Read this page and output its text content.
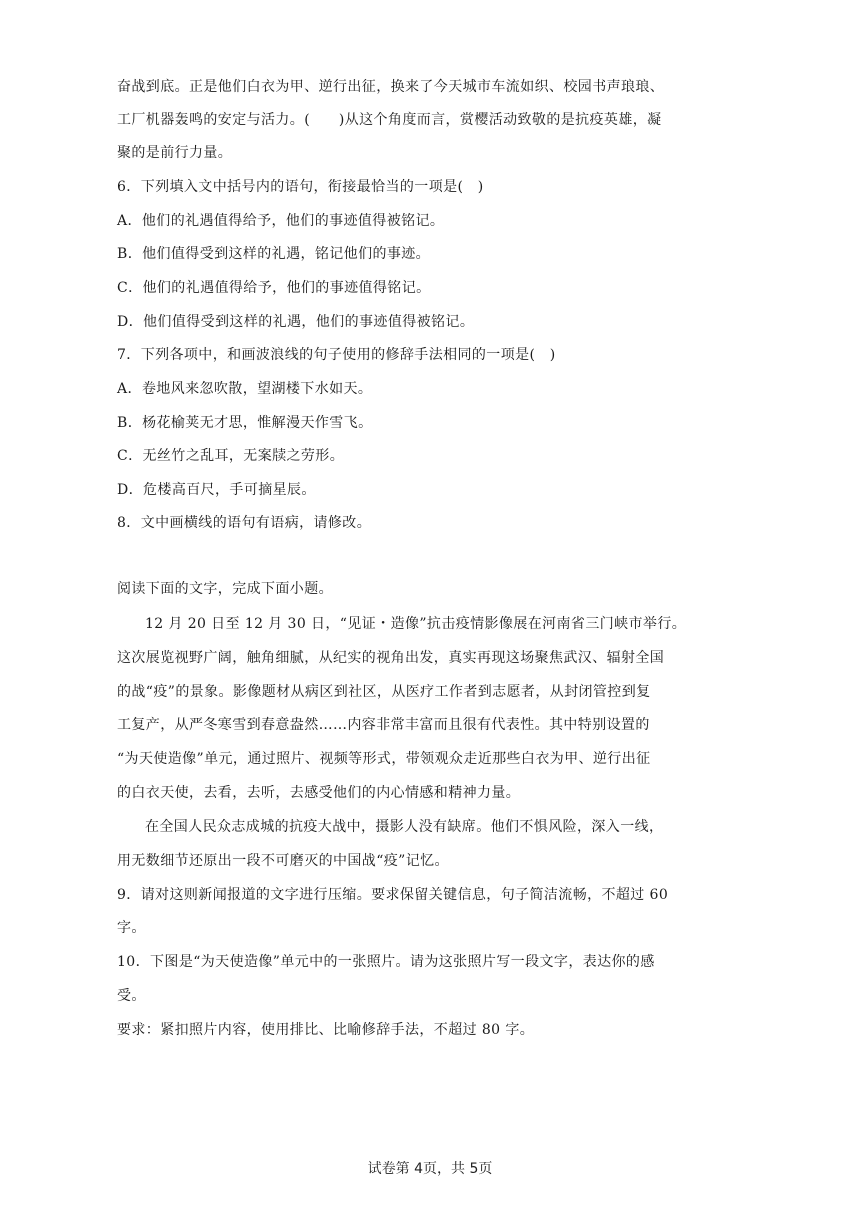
奋战到底。正是他们白衣为甲、逆行出征，换来了今天城市车流如织、校园书声琅琅、
工厂机器轰鸣的安定与活力。(　　)从这个角度而言，赏樱活动致敬的是抗疫英雄，凝
聚的是前行力量。
6．下列填入文中括号内的语句，衔接最恰当的一项是(　)
A．他们的礼遇值得给予，他们的事迹值得被铭记。
B．他们值得受到这样的礼遇，铭记他们的事迹。
C．他们的礼遇值得给予，他们的事迹值得铭记。
D．他们值得受到这样的礼遇，他们的事迹值得被铭记。
7．下列各项中，和画波浪线的句子使用的修辞手法相同的一项是(　)
A．卷地风来忽吹散，望湖楼下水如天。
B．杨花榆荚无才思，惟解漫天作雪飞。
C．无丝竹之乱耳，无案牍之劳形。
D．危楼高百尺，手可摘星辰。
8．文中画横线的语句有语病，请修改。
阅读下面的文字，完成下面小题。
12 月 20 日至 12 月 30 日，“见证・造像”抗击疫情影像展在河南省三门峡市举行。
这次展览视野广阔，触角细腻，从纪实的视角出发，真实再现这场聚焦武汉、辐射全国
的战“疫”的景象。影像题材从病区到社区，从医疗工作者到志愿者，从封闭管控到复
工复产，从严冬寒雪到春意盎然……内容非常丰富而且很有代表性。其中特别设置的
“为天使造像”单元，通过照片、视频等形式，带领观众走近那些白衣为甲、逆行出征
的白衣天使，去看，去听，去感受他们的内心情感和精神力量。
在全国人民众志成城的抗疫大战中，摄影人没有缺席。他们不惧风险，深入一线，
用无数细节还原出一段不可磨灭的中国战“疫”记忆。
9．请对这则新闻报道的文字进行压缩。要求保留关键信息，句子简洁流畅，不超过 60
字。
10．下图是“为天使造像”单元中的一张照片。请为这张照片写一段文字，表达你的感
受。
要求：紧扣照片内容，使用排比、比喻修辞手法，不超过 80 字。
试卷第 4页，共 5页
